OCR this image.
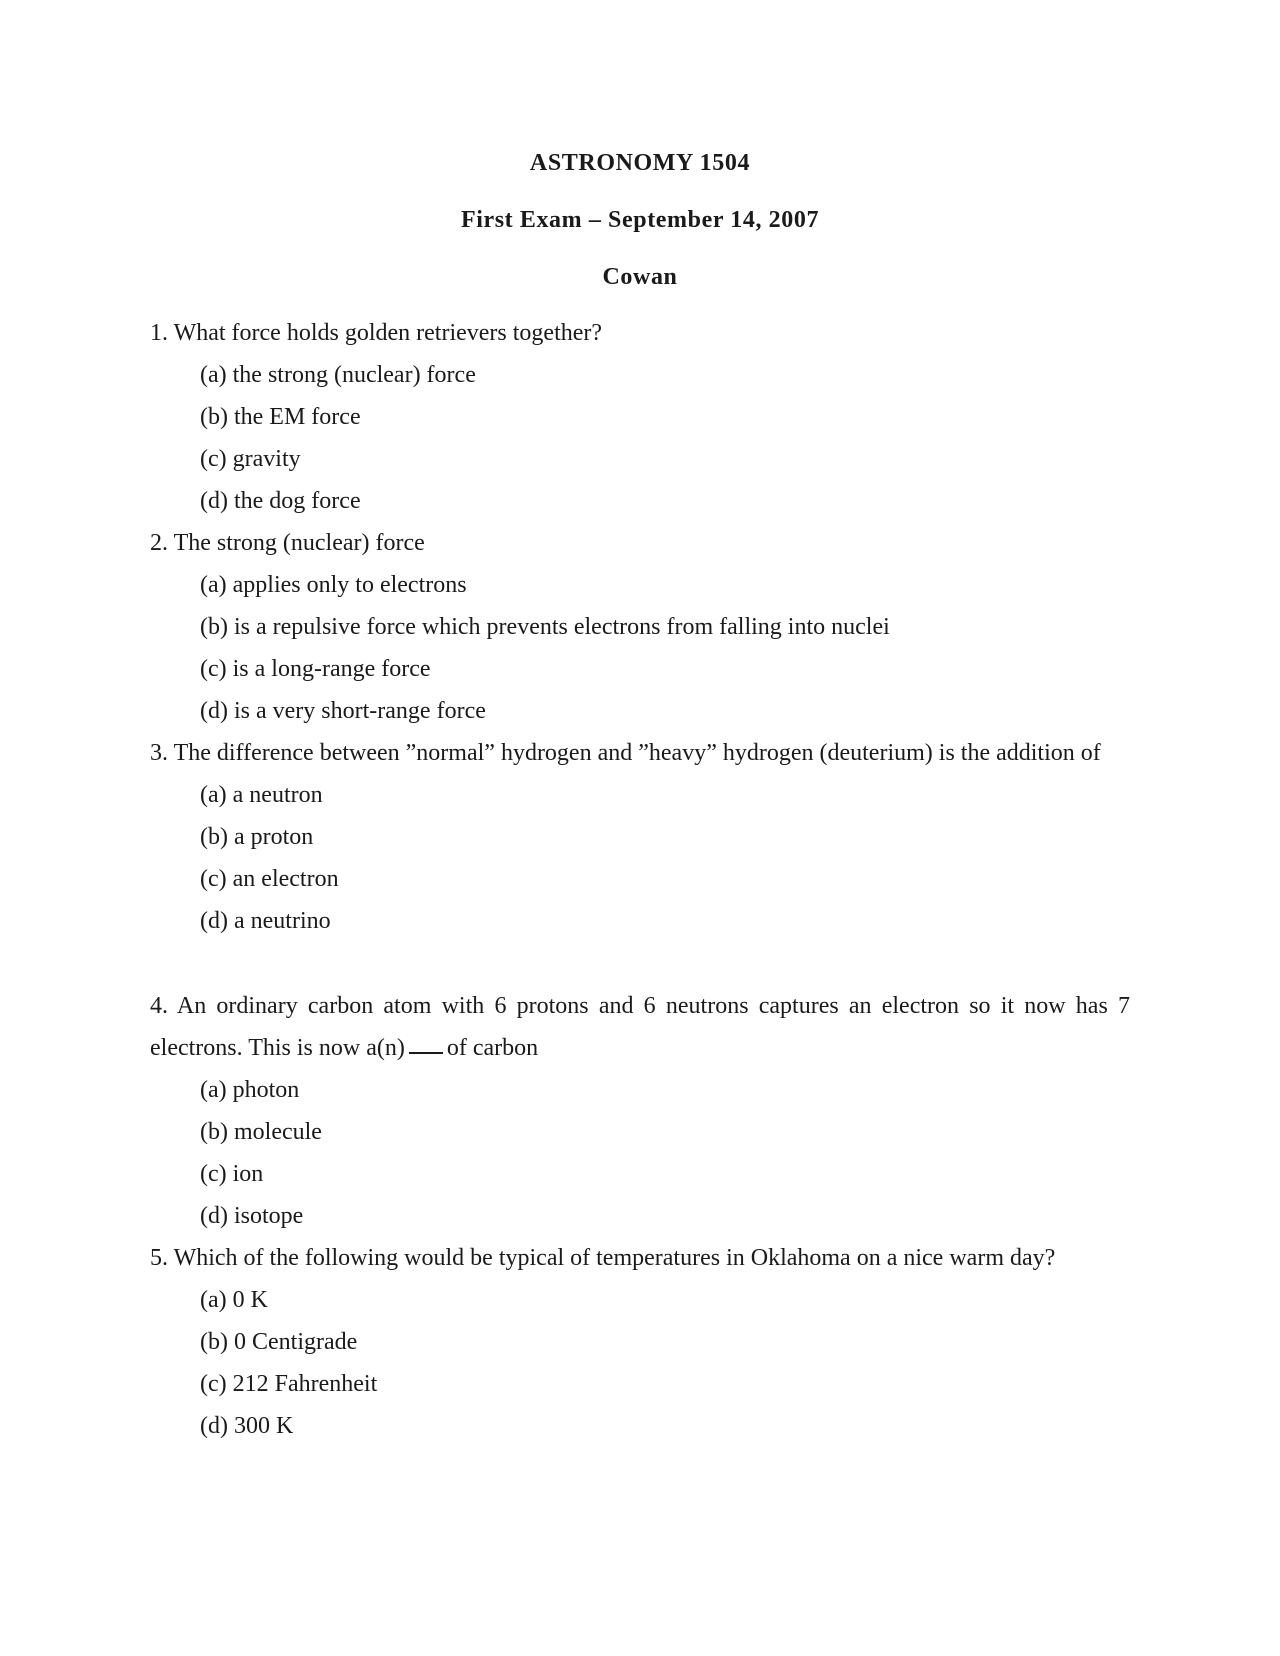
ASTRONOMY 1504
First Exam – September 14, 2007
Cowan
1. What force holds golden retrievers together?
(a) the strong (nuclear) force
(b) the EM force
(c) gravity
(d) the dog force
2. The strong (nuclear) force
(a) applies only to electrons
(b) is a repulsive force which prevents electrons from falling into nuclei
(c) is a long-range force
(d) is a very short-range force
3. The difference between ”normal” hydrogen and ”heavy” hydrogen (deuterium) is the addition of
(a) a neutron
(b) a proton
(c) an electron
(d) a neutrino
4. An ordinary carbon atom with 6 protons and 6 neutrons captures an electron so it now has 7 electrons. This is now a(n) of carbon
(a) photon
(b) molecule
(c) ion
(d) isotope
5. Which of the following would be typical of temperatures in Oklahoma on a nice warm day?
(a) 0 K
(b) 0 Centigrade
(c) 212 Fahrenheit
(d) 300 K
